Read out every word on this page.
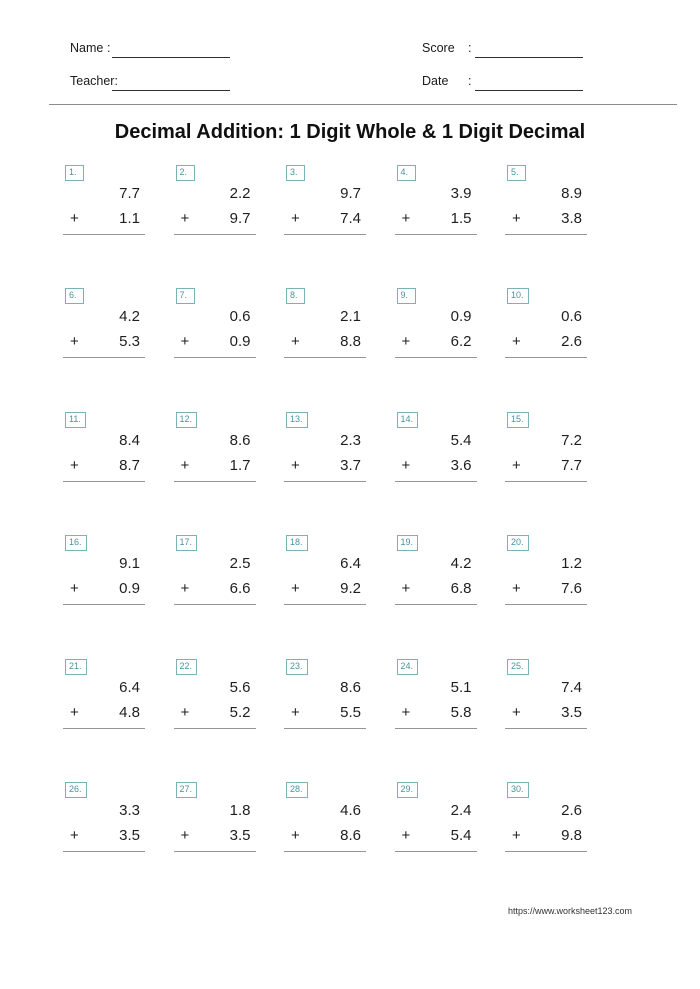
Name :
Teacher:
Score :
Date :
Decimal Addition: 1 Digit Whole & 1 Digit Decimal
1.
7.7
+	1.1
2.
2.2
+	9.7
3.
9.7
+	7.4
4.
3.9
+	1.5
5.
8.9
+	3.8
6.
4.2
+	5.3
7.
0.6
+	0.9
8.
2.1
+	8.8
9.
0.9
+	6.2
10.
0.6
+	2.6
11.
8.4
+	8.7
12.
8.6
+	1.7
13.
2.3
+	3.7
14.
5.4
+	3.6
15.
7.2
+	7.7
16.
9.1
+	0.9
17.
2.5
+	6.6
18.
6.4
+	9.2
19.
4.2
+	6.8
20.
1.2
+	7.6
21.
6.4
+	4.8
22.
5.6
+	5.2
23.
8.6
+	5.5
24.
5.1
+	5.8
25.
7.4
+	3.5
26.
3.3
+	3.5
27.
1.8
+	3.5
28.
4.6
+	8.6
29.
2.4
+	5.4
30.
2.6
+	9.8
https://www.worksheet123.com
